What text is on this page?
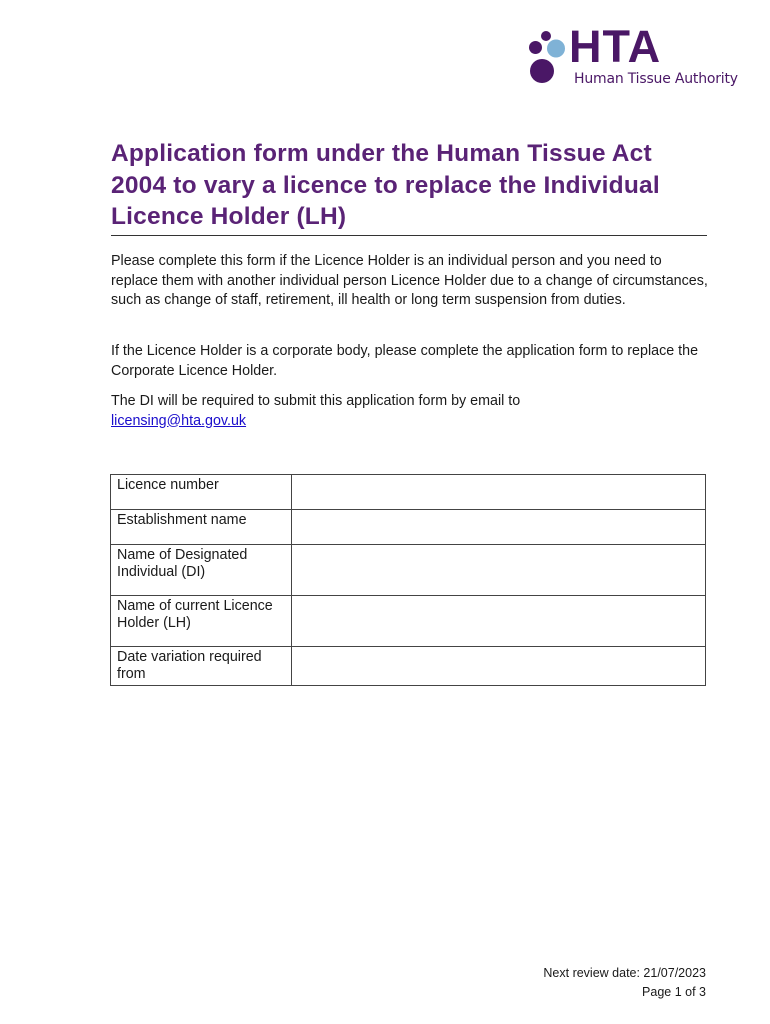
HTA
Human Tissue Authority
Application form under the Human Tissue Act 2004 to vary a licence to replace the Individual Licence Holder (LH)

Please complete this form if the Licence Holder is an individual person and you need to replace them with another individual person Licence Holder due to a change of circumstances, such as change of staff, retirement, ill health or long term suspension from duties.

If the Licence Holder is a corporate body, please complete the application form to replace the Corporate Licence Holder.

The DI will be required to submit this application form by email to
licensing@hta.gov.uk

Licence number	
Establishment name	
Name of Designated Individual (DI)	
Name of current Licence Holder (LH)	
Date variation required from	
Next review date: 21/07/2023
Page 1 of 3
